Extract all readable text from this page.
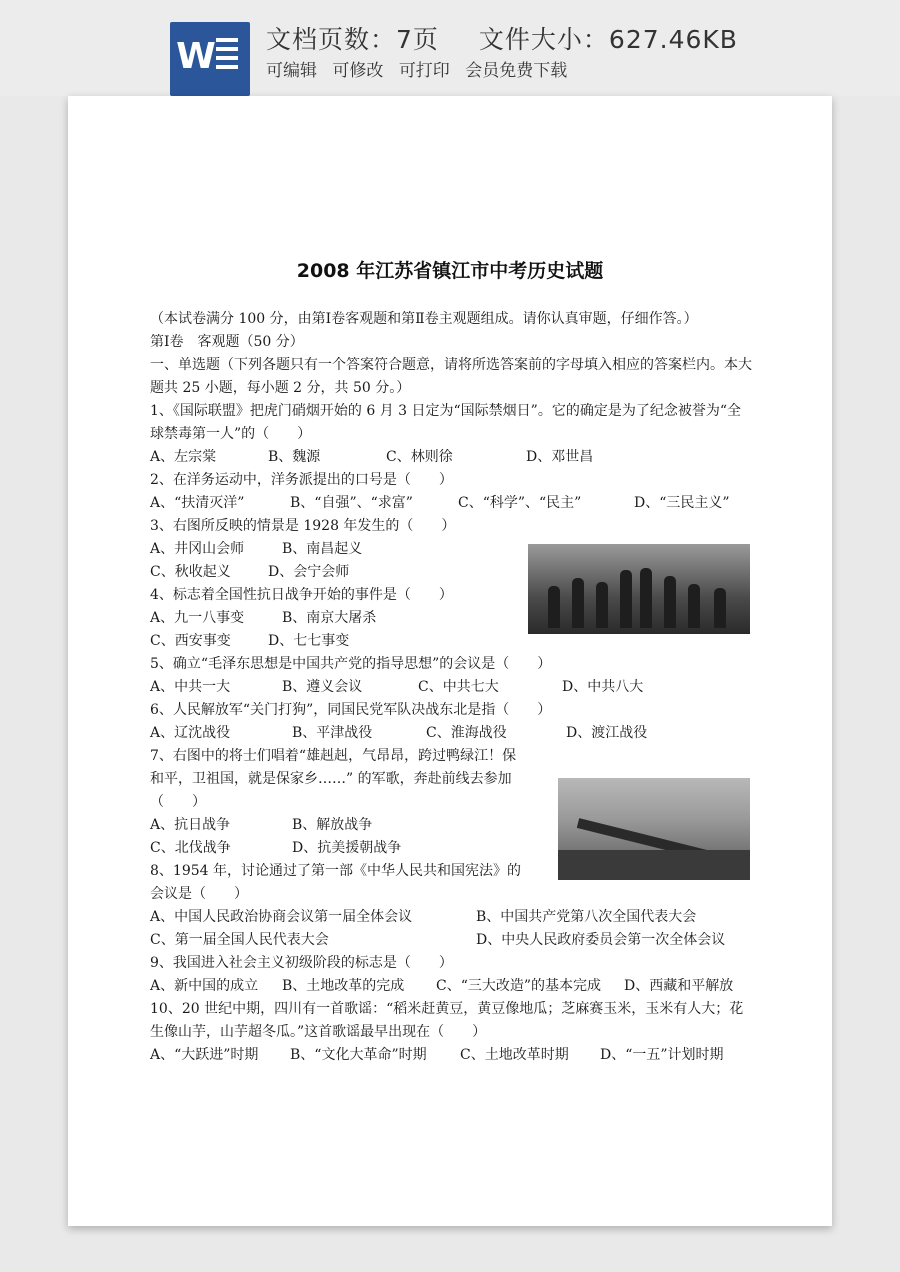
W 文档页数：7页 文件大小：627.46KB
可编辑 可修改 可打印 会员免费下载
2008 年江苏省镇江市中考历史试题
（本试卷满分 100 分，由第Ⅰ卷客观题和第Ⅱ卷主观题组成。请你认真审题，仔细作答。）
第Ⅰ卷　客观题（50 分）
一、单选题（下列各题只有一个答案符合题意，请将所选答案前的字母填入相应的答案栏内。本大题共 25 小题，每小题 2 分，共 50 分。）
1、《国际联盟》把虎门硝烟开始的 6 月 3 日定为“国际禁烟日”。它的确定是为了纪念被誉为“全球禁毒第一人”的（　　）
A、左宗棠	B、魏源	C、林则徐	D、邓世昌
2、在洋务运动中，洋务派提出的口号是（　　）
A、“扶清灭洋”	B、“自强”、“求富”	C、“科学”、“民主”	D、“三民主义”
3、右图所反映的情景是 1928 年发生的（　　）
A、井冈山会师	B、南昌起义
C、秋收起义	D、会宁会师
4、标志着全国性抗日战争开始的事件是（　　）
A、九一八事变	B、南京大屠杀
C、西安事变	D、七七事变
5、确立“毛泽东思想是中国共产党的指导思想”的会议是（　　）
A、中共一大	B、遵义会议	C、中共七大	D、中共八大
6、人民解放军“关门打狗”，同国民党军队决战东北是指（　　）
A、辽沈战役	B、平津战役	C、淮海战役	D、渡江战役
7、右图中的将士们唱着“雄赳赳，气昂昂，跨过鸭绿江！保
和平，卫祖国，就是保家乡……” 的军歌，奔赴前线去参加
（　　）
A、抗日战争	B、解放战争
C、北伐战争	D、抗美援朝战争
8、1954 年，讨论通过了第一部《中华人民共和国宪法》的
会议是（　　）
A、中国人民政治协商会议第一届全体会议	B、中国共产党第八次全国代表大会
C、第一届全国人民代表大会	D、中央人民政府委员会第一次全体会议
9、我国进入社会主义初级阶段的标志是（　　）
A、新中国的成立 B、土地改革的完成 C、“三大改造”的基本完成 D、西藏和平解放
10、20 世纪中期，四川有一首歌谣：“稻米赶黄豆，黄豆像地瓜；芝麻赛玉米，玉米有人大；花生像山芋，山芋超冬瓜。”这首歌谣最早出现在（　　）
A、“大跃进”时期 B、“文化大革命”时期 C、土地改革时期 D、“一五”计划时期
